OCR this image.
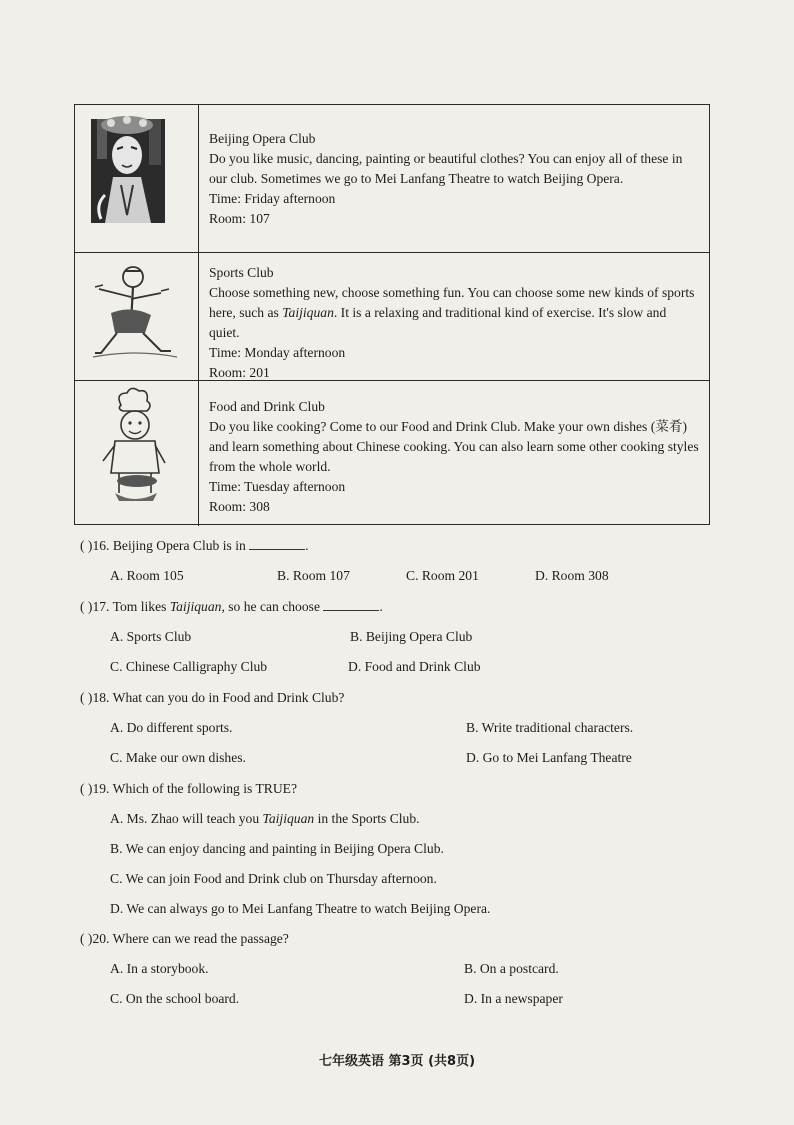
Beijing Opera Club
Do you like music, dancing, painting or beautiful clothes? You can enjoy all of these in our club. Sometimes we go to Mei Lanfang Theatre to watch Beijing Opera.
Time: Friday afternoon
Room: 107
Sports Club
Choose something new, choose something fun. You can choose some new kinds of sports here, such as Taijiquan. It is a relaxing and traditional kind of exercise. It's slow and quiet.
Time: Monday afternoon
Room: 201
Food and Drink Club
Do you like cooking? Come to our Food and Drink Club. Make your own dishes (菜肴) and learn something about Chinese cooking. You can also learn some other cooking styles from the whole world.
Time: Tuesday afternoon
Room: 308
( )16. Beijing Opera Club is in	.
A. Room 105	B. Room 107	C. Room 201	D. Room 308
( )17. Tom likes Taijiquan, so he can choose	.
A. Sports Club	B. Beijing Opera Club
C. Chinese Calligraphy Club	D. Food and Drink Club
( )18. What can you do in Food and Drink Club?
A. Do different sports.	B. Write traditional characters.
C. Make our own dishes.	D. Go to Mei Lanfang Theatre
( )19. Which of the following is TRUE?
A. Ms. Zhao will teach you Taijiquan in the Sports Club.
B. We can enjoy dancing and painting in Beijing Opera Club.
C. We can join Food and Drink club on Thursday afternoon.
D. We can always go to Mei Lanfang Theatre to watch Beijing Opera.
( )20. Where can we read the passage?
A. In a storybook.	B. On a postcard.
C. On the school board.	D. In a newspaper
七年级英语 第3页 (共8页)
